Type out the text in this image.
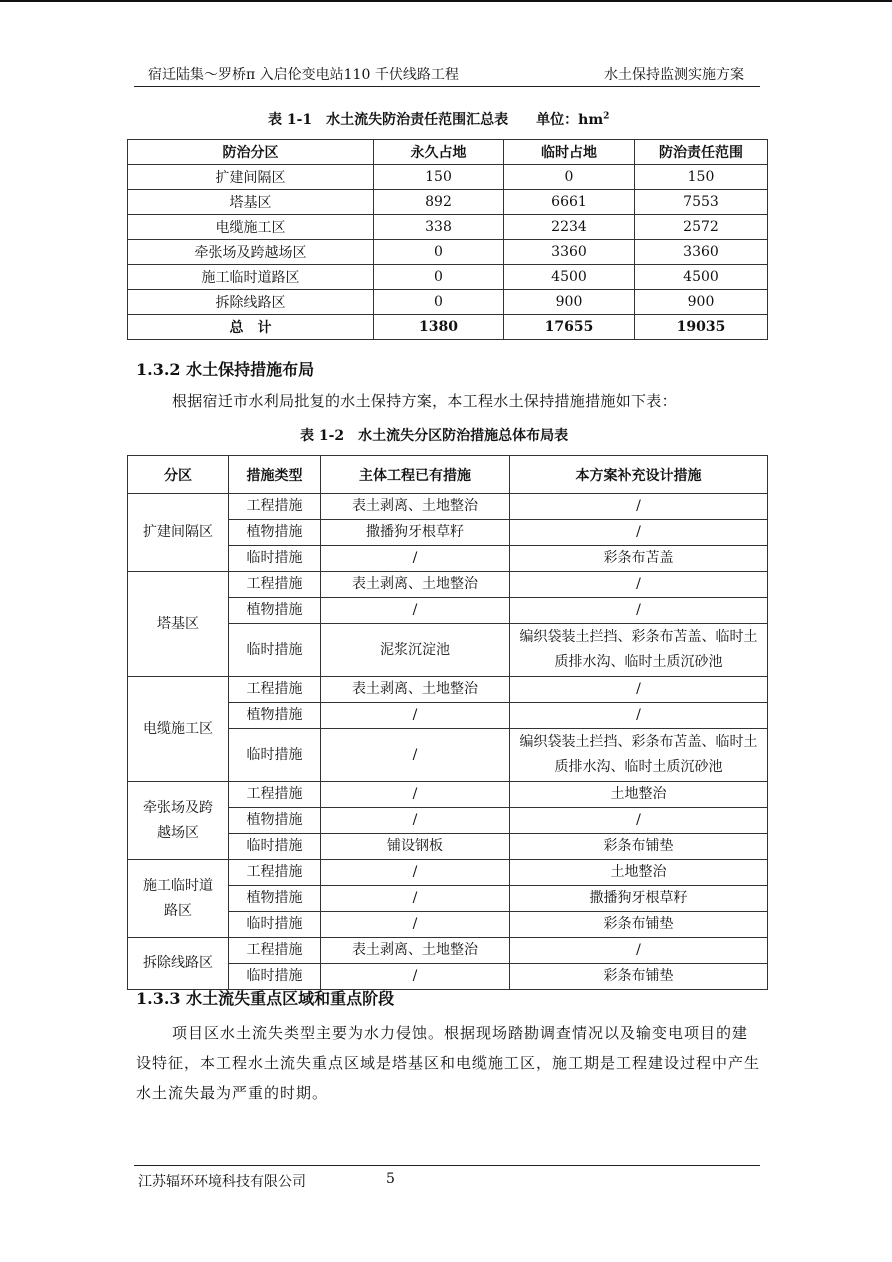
宿迁陆集～罗桥π 入启伦变电站110 千伏线路工程	水土保持监测实施方案
表 1-1　水土流失防治责任范围汇总表　　单位：$hm^2$
防治分区	永久占地	临时占地	防治责任范围
扩建间隔区	150	0	150
塔基区	892	6661	7553
电缆施工区	338	2234	2572
牵张场及跨越场区	0	3360	3360
施工临时道路区	0	4500	4500
拆除线路区	0	900	900
总　计	1380	17655	19035
1.3.2 水土保持措施布局
根据宿迁市水利局批复的水土保持方案，本工程水土保持措施措施如下表：
表 1-2　水土流失分区防治措施总体布局表
分区	措施类型	主体工程已有措施	本方案补充设计措施
扩建间隔区	工程措施	表土剥离、土地整治	/
	植物措施	撒播狗牙根草籽	/
	临时措施	/	彩条布苫盖
塔基区	工程措施	表土剥离、土地整治	/
	植物措施	/	/
	临时措施	泥浆沉淀池	编织袋装土拦挡、彩条布苫盖、临时土质排水沟、临时土质沉砂池
电缆施工区	工程措施	表土剥离、土地整治	/
	植物措施	/	/
	临时措施	/	编织袋装土拦挡、彩条布苫盖、临时土质排水沟、临时土质沉砂池
牵张场及跨越场区	工程措施	/	土地整治
	植物措施	/	/
	临时措施	铺设钢板	彩条布铺垫
施工临时道路区	工程措施	/	土地整治
	植物措施	/	撒播狗牙根草籽
	临时措施	/	彩条布铺垫
拆除线路区	工程措施	表土剥离、土地整治	/
	临时措施	/	彩条布铺垫
1.3.3 水土流失重点区域和重点阶段
项目区水土流失类型主要为水力侵蚀。根据现场踏勘调查情况以及输变电项目的建设特征，本工程水土流失重点区域是塔基区和电缆施工区，施工期是工程建设过程中产生水土流失最为严重的时期。
江苏辐环环境科技有限公司	5
